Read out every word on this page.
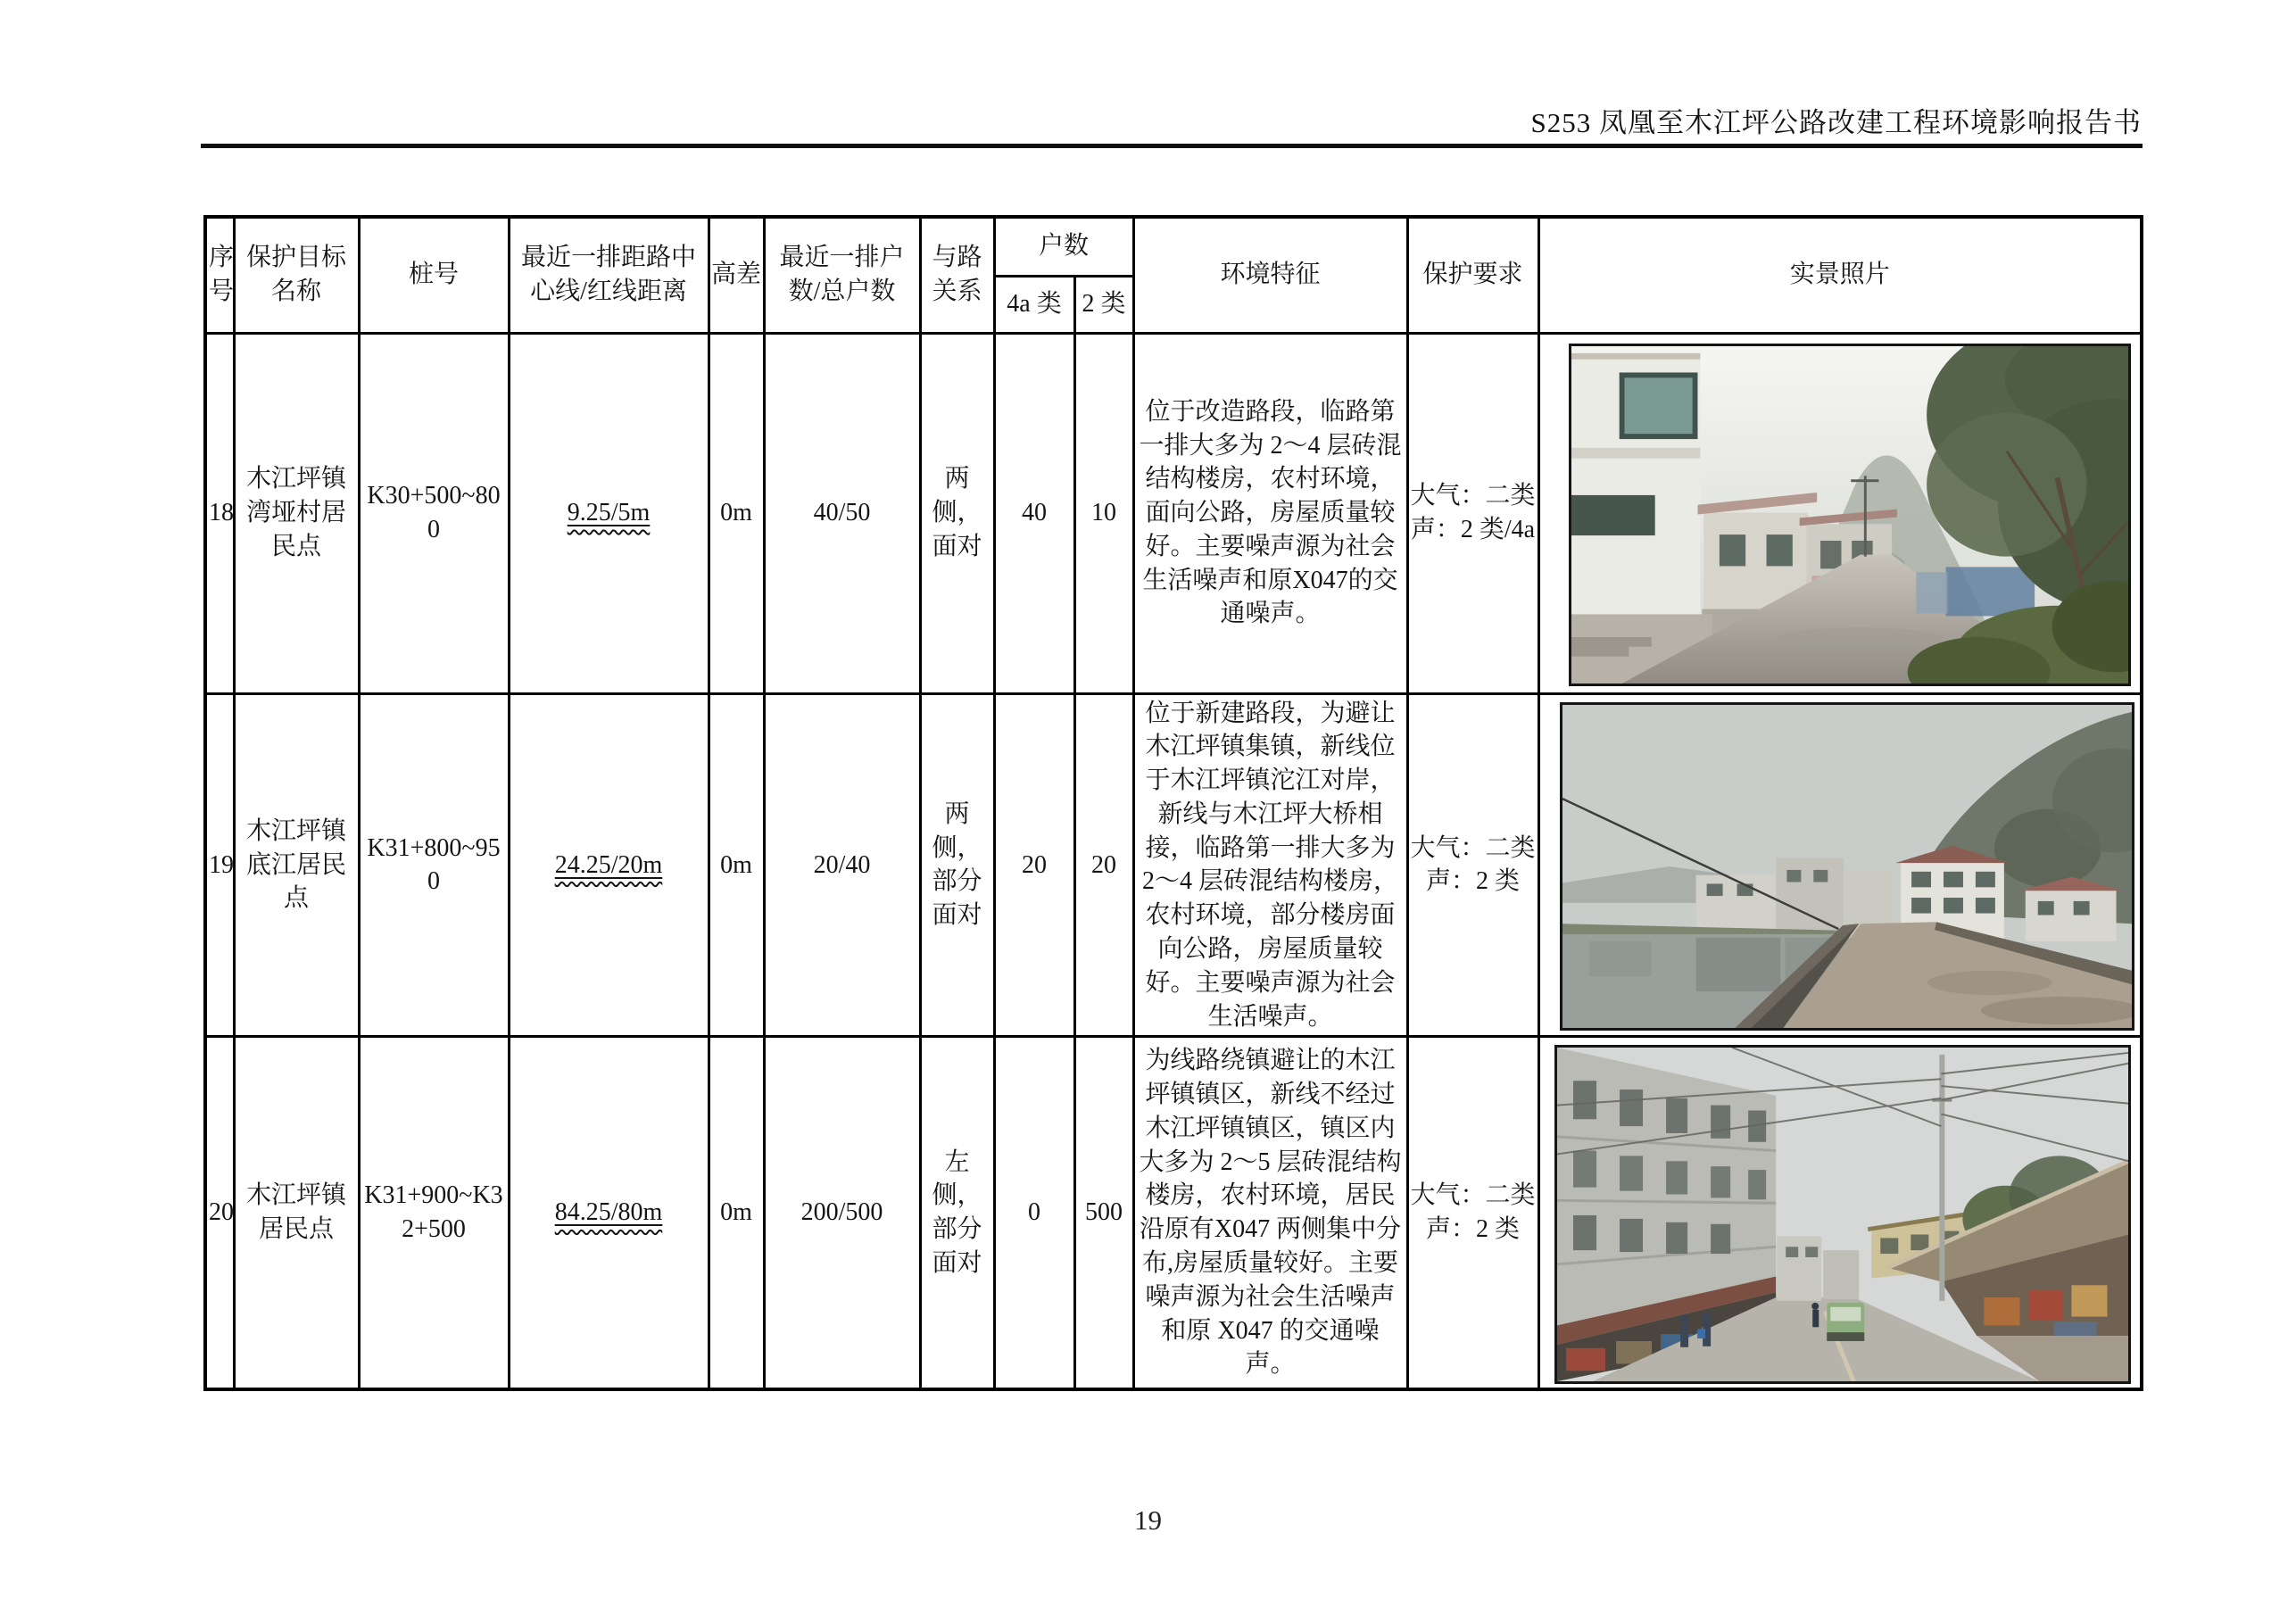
S253 凤凰至木江坪公路改建工程环境影响报告书
序号	保护目标名称	桩号	最近一排距路中心线/红线距离	高差	最近一排户数/总户数	与路关系	户数		环境特征	保护要求	实景照片
							4a 类	2 类			
18	木江坪镇湾垭村居民点	K30+500~800	9.25/5m	0m	40/50	两侧，面对	40	10	位于改造路段，临路第一排大多为 2～4 层砖混结构楼房，农村环境，面向公路，房屋质量较好。主要噪声源为社会生活噪声和原X047的交通噪声。	大气：二类
声：2 类/4a

19	木江坪镇底江居民点	K31+800~950	24.25/20m	0m	20/40	两侧，部分面对	20	20	位于新建路段，为避让木江坪镇集镇，新线位于木江坪镇沱江对岸，新线与木江坪大桥相接，临路第一排大多为 2～4 层砖混结构楼房，农村环境，部分楼房面向公路，房屋质量较好。主要噪声源为社会生活噪声。	大气：二类
声：2 类

20	木江坪镇居民点	K31+900~K32+500	84.25/80m	0m	200/500	左侧，部分面对	0	500	为线路绕镇避让的木江坪镇镇区，新线不经过木江坪镇镇区，镇区内大多为 2～5 层砖混结构楼房，农村环境，居民沿原有X047 两侧集中分布,房屋质量较好。主要噪声源为社会生活噪声和原 X047 的交通噪声。	大气：二类
声：2 类

19
